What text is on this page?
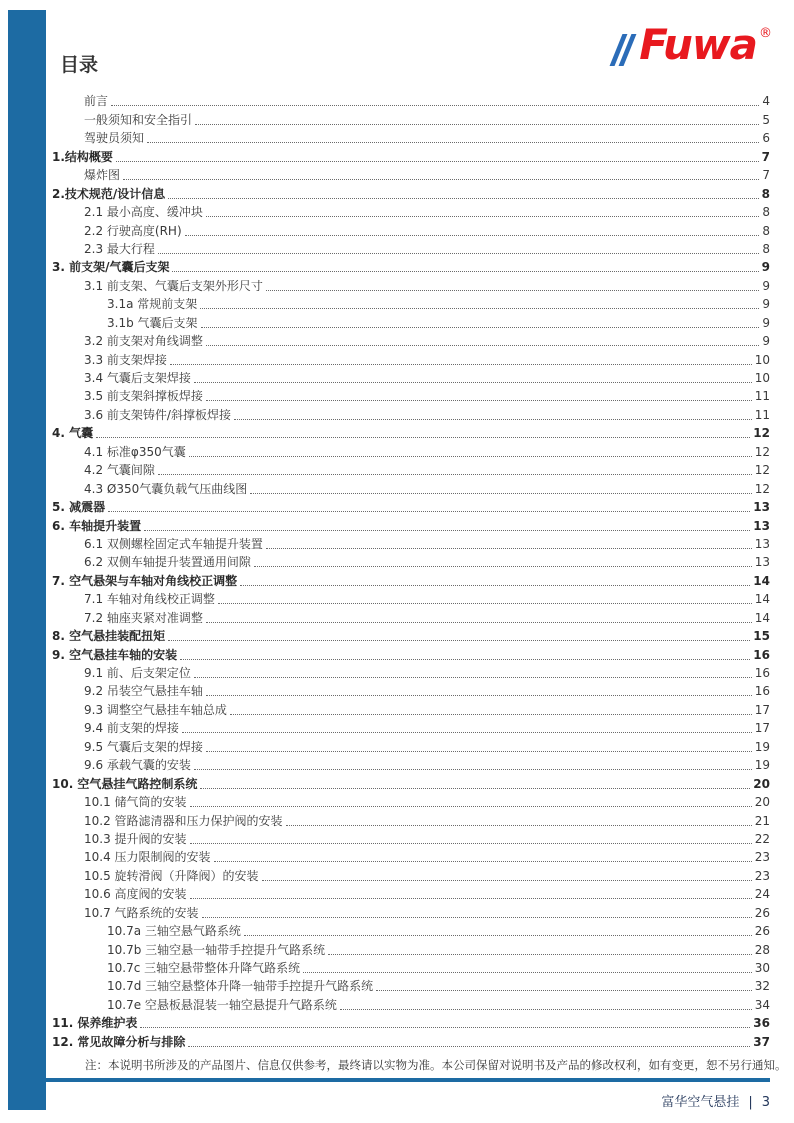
Fuwa ®
目录
前言	4
一般须知和安全指引	5
驾驶员须知	6
1.结构概要	7
爆炸图	7
2.技术规范/设计信息	8
2.1 最小高度、缓冲块	8
2.2 行驶高度(RH)	8
2.3 最大行程	8
3. 前支架/气囊后支架	9
3.1 前支架、气囊后支架外形尺寸	9
3.1a 常规前支架	9
3.1b 气囊后支架	9
3.2 前支架对角线调整	9
3.3 前支架焊接	10
3.4 气囊后支架焊接	10
3.5 前支架斜撑板焊接	11
3.6 前支架铸件/斜撑板焊接	11
4. 气囊	12
4.1 标准φ350气囊	12
4.2 气囊间隙	12
4.3 Ø350气囊负载气压曲线图	12
5. 减震器	13
6. 车轴提升装置	13
6.1 双侧螺栓固定式车轴提升装置	13
6.2 双侧车轴提升装置通用间隙	13
7. 空气悬架与车轴对角线校正调整	14
7.1 车轴对角线校正调整	14
7.2 轴座夹紧对准调整	14
8. 空气悬挂装配扭矩	15
9. 空气悬挂车轴的安装	16
9.1 前、后支架定位	16
9.2 吊装空气悬挂车轴	16
9.3 调整空气悬挂车轴总成	17
9.4 前支架的焊接	17
9.5 气囊后支架的焊接	19
9.6 承载气囊的安装	19
10. 空气悬挂气路控制系统	20
10.1 储气筒的安装	20
10.2 管路滤清器和压力保护阀的安装	21
10.3 提升阀的安装	22
10.4 压力限制阀的安装	23
10.5 旋转滑阀（升降阀）的安装	23
10.6 高度阀的安装	24
10.7 气路系统的安装	26
10.7a 三轴空悬气路系统	26
10.7b 三轴空悬一轴带手控提升气路系统	28
10.7c 三轴空悬带整体升降气路系统	30
10.7d 三轴空悬整体升降一轴带手控提升气路系统	32
10.7e 空悬板悬混装一轴空悬提升气路系统	34
11. 保养维护表	36
12. 常见故障分析与排除	37

注：本说明书所涉及的产品图片、信息仅供参考，最终请以实物为准。本公司保留对说明书及产品的修改权利，如有变更，恕不另行通知。

富华空气悬挂 | 3
